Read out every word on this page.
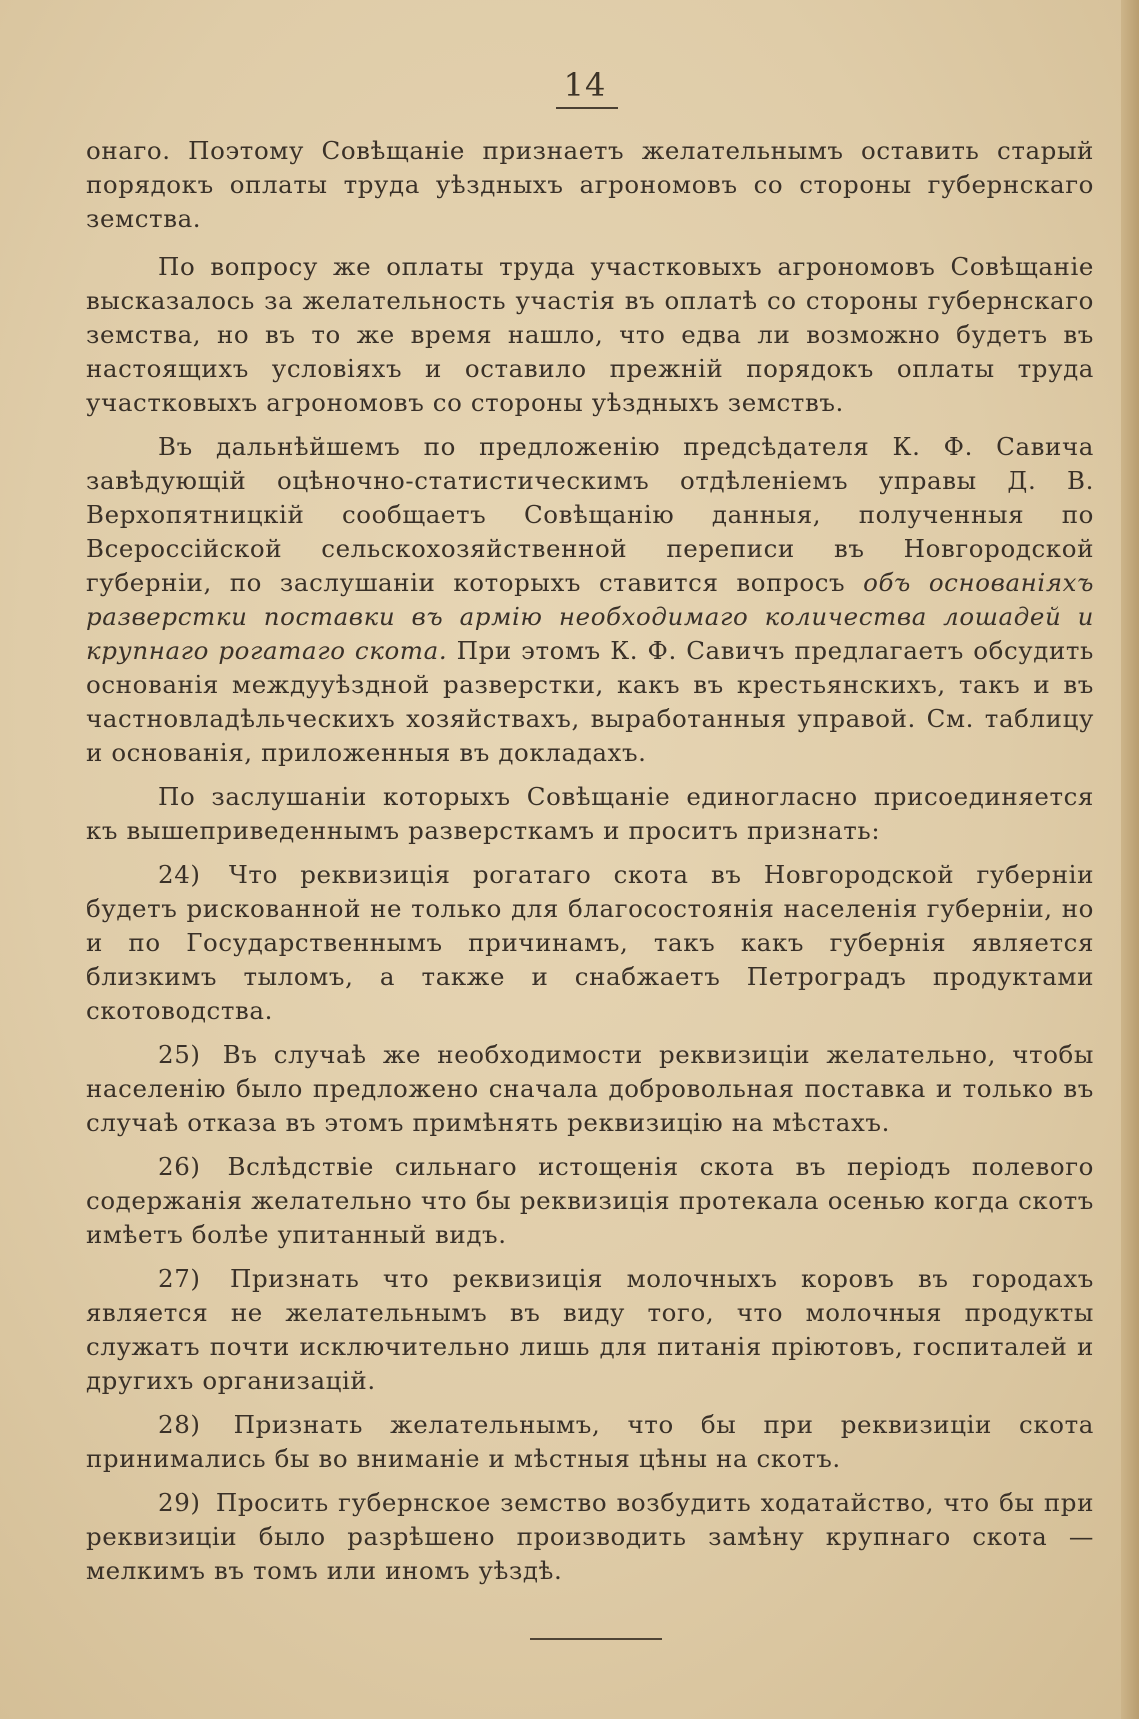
14

онаго. Поэтому Совѣщаніе признаетъ желательнымъ оставить старый порядокъ оплаты труда уѣздныхъ агрономовъ со стороны губернскаго земства.

По вопросу же оплаты труда участковыхъ агрономовъ Совѣщаніе высказалось за желательность участія въ оплатѣ со стороны губернскаго земства, но въ то же время нашло, что едва ли возможно будетъ въ настоящихъ условіяхъ и оставило прежній порядокъ оплаты труда участковыхъ агрономовъ со стороны уѣздныхъ земствъ.

Въ дальнѣйшемъ по предложенію предсѣдателя К. Ф. Савича завѣдующій оцѣночно-статистическимъ отдѣленіемъ управы Д. В. Верхопятницкій сообщаетъ Совѣщанію данныя, полученныя по Всероссійской сельскохозяйственной переписи въ Новгородской губерніи, по заслушаніи которыхъ ставится вопросъ объ основаніяхъ разверстки поставки въ армію необходимаго количества лошадей и крупнаго рогатаго скота. При этомъ К. Ф. Савичъ предлагаетъ обсудить основанія междууѣздной разверстки, какъ въ крестьянскихъ, такъ и въ частновладѣльческихъ хозяйствахъ, выработанныя управой. См. таблицу и основанія, приложенныя въ докладахъ.

По заслушаніи которыхъ Совѣщаніе единогласно присоединяется къ вышеприведеннымъ разверсткамъ и проситъ признать:

24) Что реквизиція рогатаго скота въ Новгородской губерніи будетъ рискованной не только для благосостоянія населенія губерніи, но и по Государственнымъ причинамъ, такъ какъ губернія является близкимъ тыломъ, а также и снабжаетъ Петроградъ продуктами скотоводства.

25) Въ случаѣ же необходимости реквизиціи желательно, чтобы населенію было предложено сначала добровольная поставка и только въ случаѣ отказа въ этомъ примѣнять реквизицію на мѣстахъ.

26) Вслѣдствіе сильнаго истощенія скота въ періодъ полевого содержанія желательно что бы реквизиція протекала осенью когда скотъ имѣетъ болѣе упитанный видъ.

27) Признать что реквизиція молочныхъ коровъ въ городахъ является не желательнымъ въ виду того, что молочныя продукты служатъ почти исключительно лишь для питанія пріютовъ, госпиталей и другихъ организацій.

28) Признать желательнымъ, что бы при реквизиціи скота принимались бы во вниманіе и мѣстныя цѣны на скотъ.

29) Просить губернское земство возбудить ходатайство, что бы при реквизиціи было разрѣшено производить замѣну крупнаго скота — мелкимъ въ томъ или иномъ уѣздѣ.
